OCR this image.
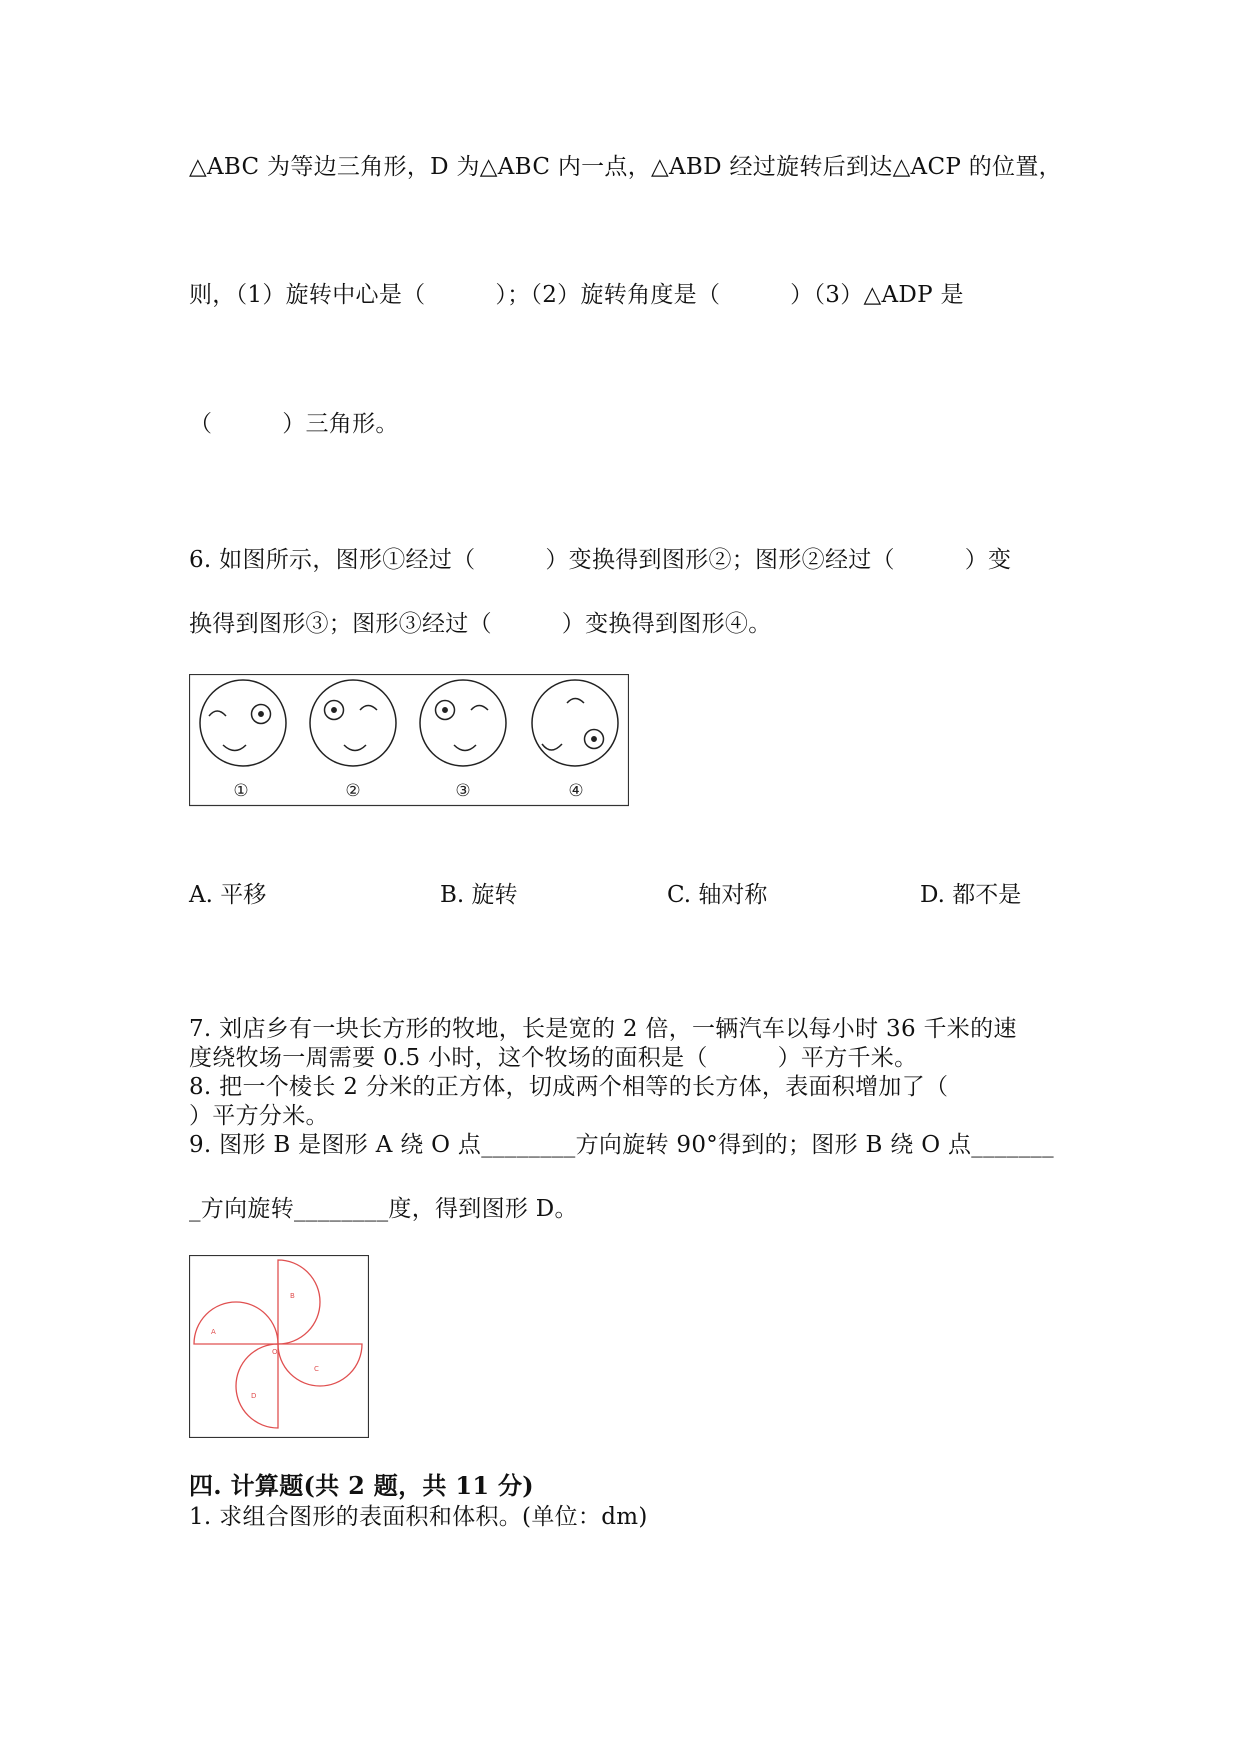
△ABC 为等边三角形，D 为△ABC 内一点，△ABD 经过旋转后到达△ACP 的位置，

则，（1）旋转中心是（　　　）；（2）旋转角度是（　　　）（3）△ADP 是

（　　　）三角形。

6. 如图所示，图形①经过（　　　）变换得到图形②；图形②经过（　　　）变

换得到图形③；图形③经过（　　　）变换得到图形④。

①	②	③	④
A. 平移	B. 旋转	C. 轴对称	D. 都不是

7. 刘店乡有一块长方形的牧地，长是宽的 2 倍，一辆汽车以每小时 36 千米的速

度绕牧场一周需要 0.5 小时，这个牧场的面积是（　　　）平方千米。

8. 把一个棱长 2 分米的正方体，切成两个相等的长方体，表面积增加了（

）平方分米。

9. 图形 B 是图形 A 绕 O 点________方向旋转 90°得到的；图形 B 绕 O 点_______

_方向旋转________度，得到图形 D。

A
B
C
D
O

四. 计算题(共 2 题，共 11 分)

1. 求组合图形的表面积和体积。(单位：dm)
